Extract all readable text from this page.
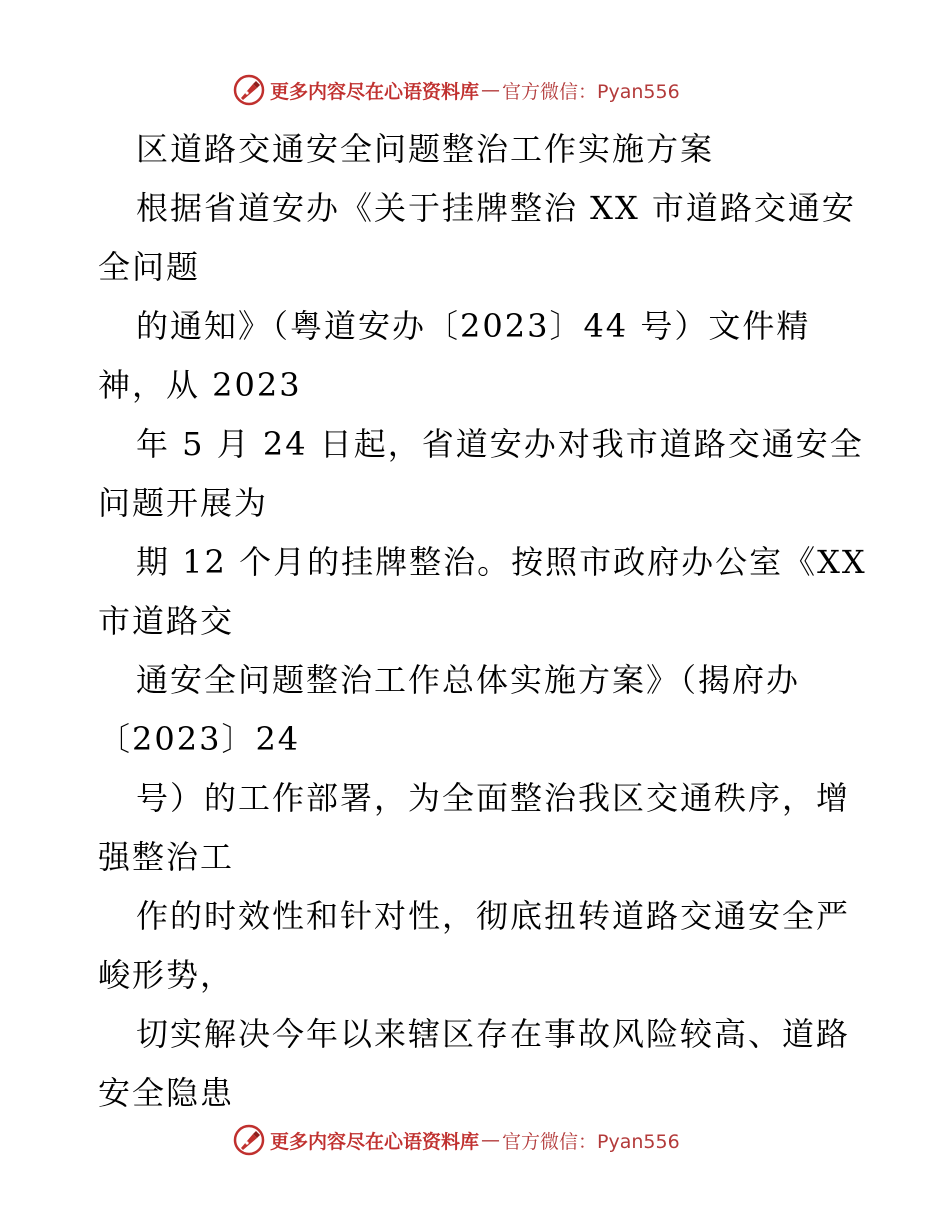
更多内容尽在心语资料库 — 官方微信：Pyan556
区道路交通安全问题整治工作实施方案
根据省道安办《关于挂牌整治 XX 市道路交通安
全问题
的通知》（粤道安办〔2023〕44 号）文件精
神，从 2023
年 5 月 24 日起，省道安办对我市道路交通安全
问题开展为
期 12 个月的挂牌整治。按照市政府办公室《XX
市道路交
通安全问题整治工作总体实施方案》（揭府办
〔2023〕24
号）的工作部署，为全面整治我区交通秩序，增
强整治工
作的时效性和针对性，彻底扭转道路交通安全严
峻形势，
切实解决今年以来辖区存在事故风险较高、道路
安全隐患
更多内容尽在心语资料库 — 官方微信：Pyan556
